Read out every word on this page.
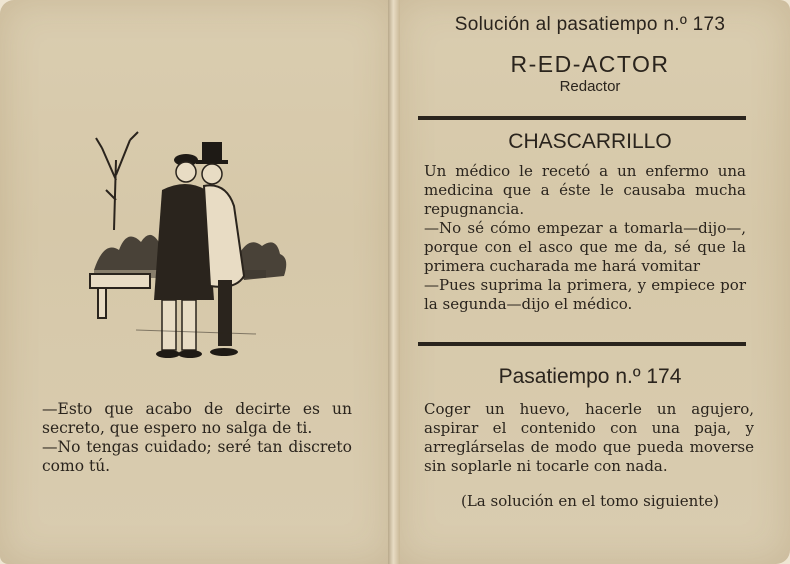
—Esto que acabo de decirte es un secreto, que espero no salga de ti.

—No tengas cuidado; seré tan discreto como tú.

Solución al pasatiempo n.º 173
R-ED-ACTOR
Redactor
CHASCARRILLO

Un médico le recetó a un enfermo una medicina que a éste le causaba mucha repugnancia.

—No sé cómo empezar a tomarla—dijo—, porque con el asco que me da, sé que la primera cucharada me hará vomitar

—Pues suprima la primera, y empiece por la segunda—dijo el médico.

Pasatiempo n.º 174
Coger un huevo, hacerle un agujero, aspirar el contenido con una paja, y arreglárselas de modo que pueda moverse sin soplarle ni tocarle con nada.
(La solución en el tomo siguiente)
